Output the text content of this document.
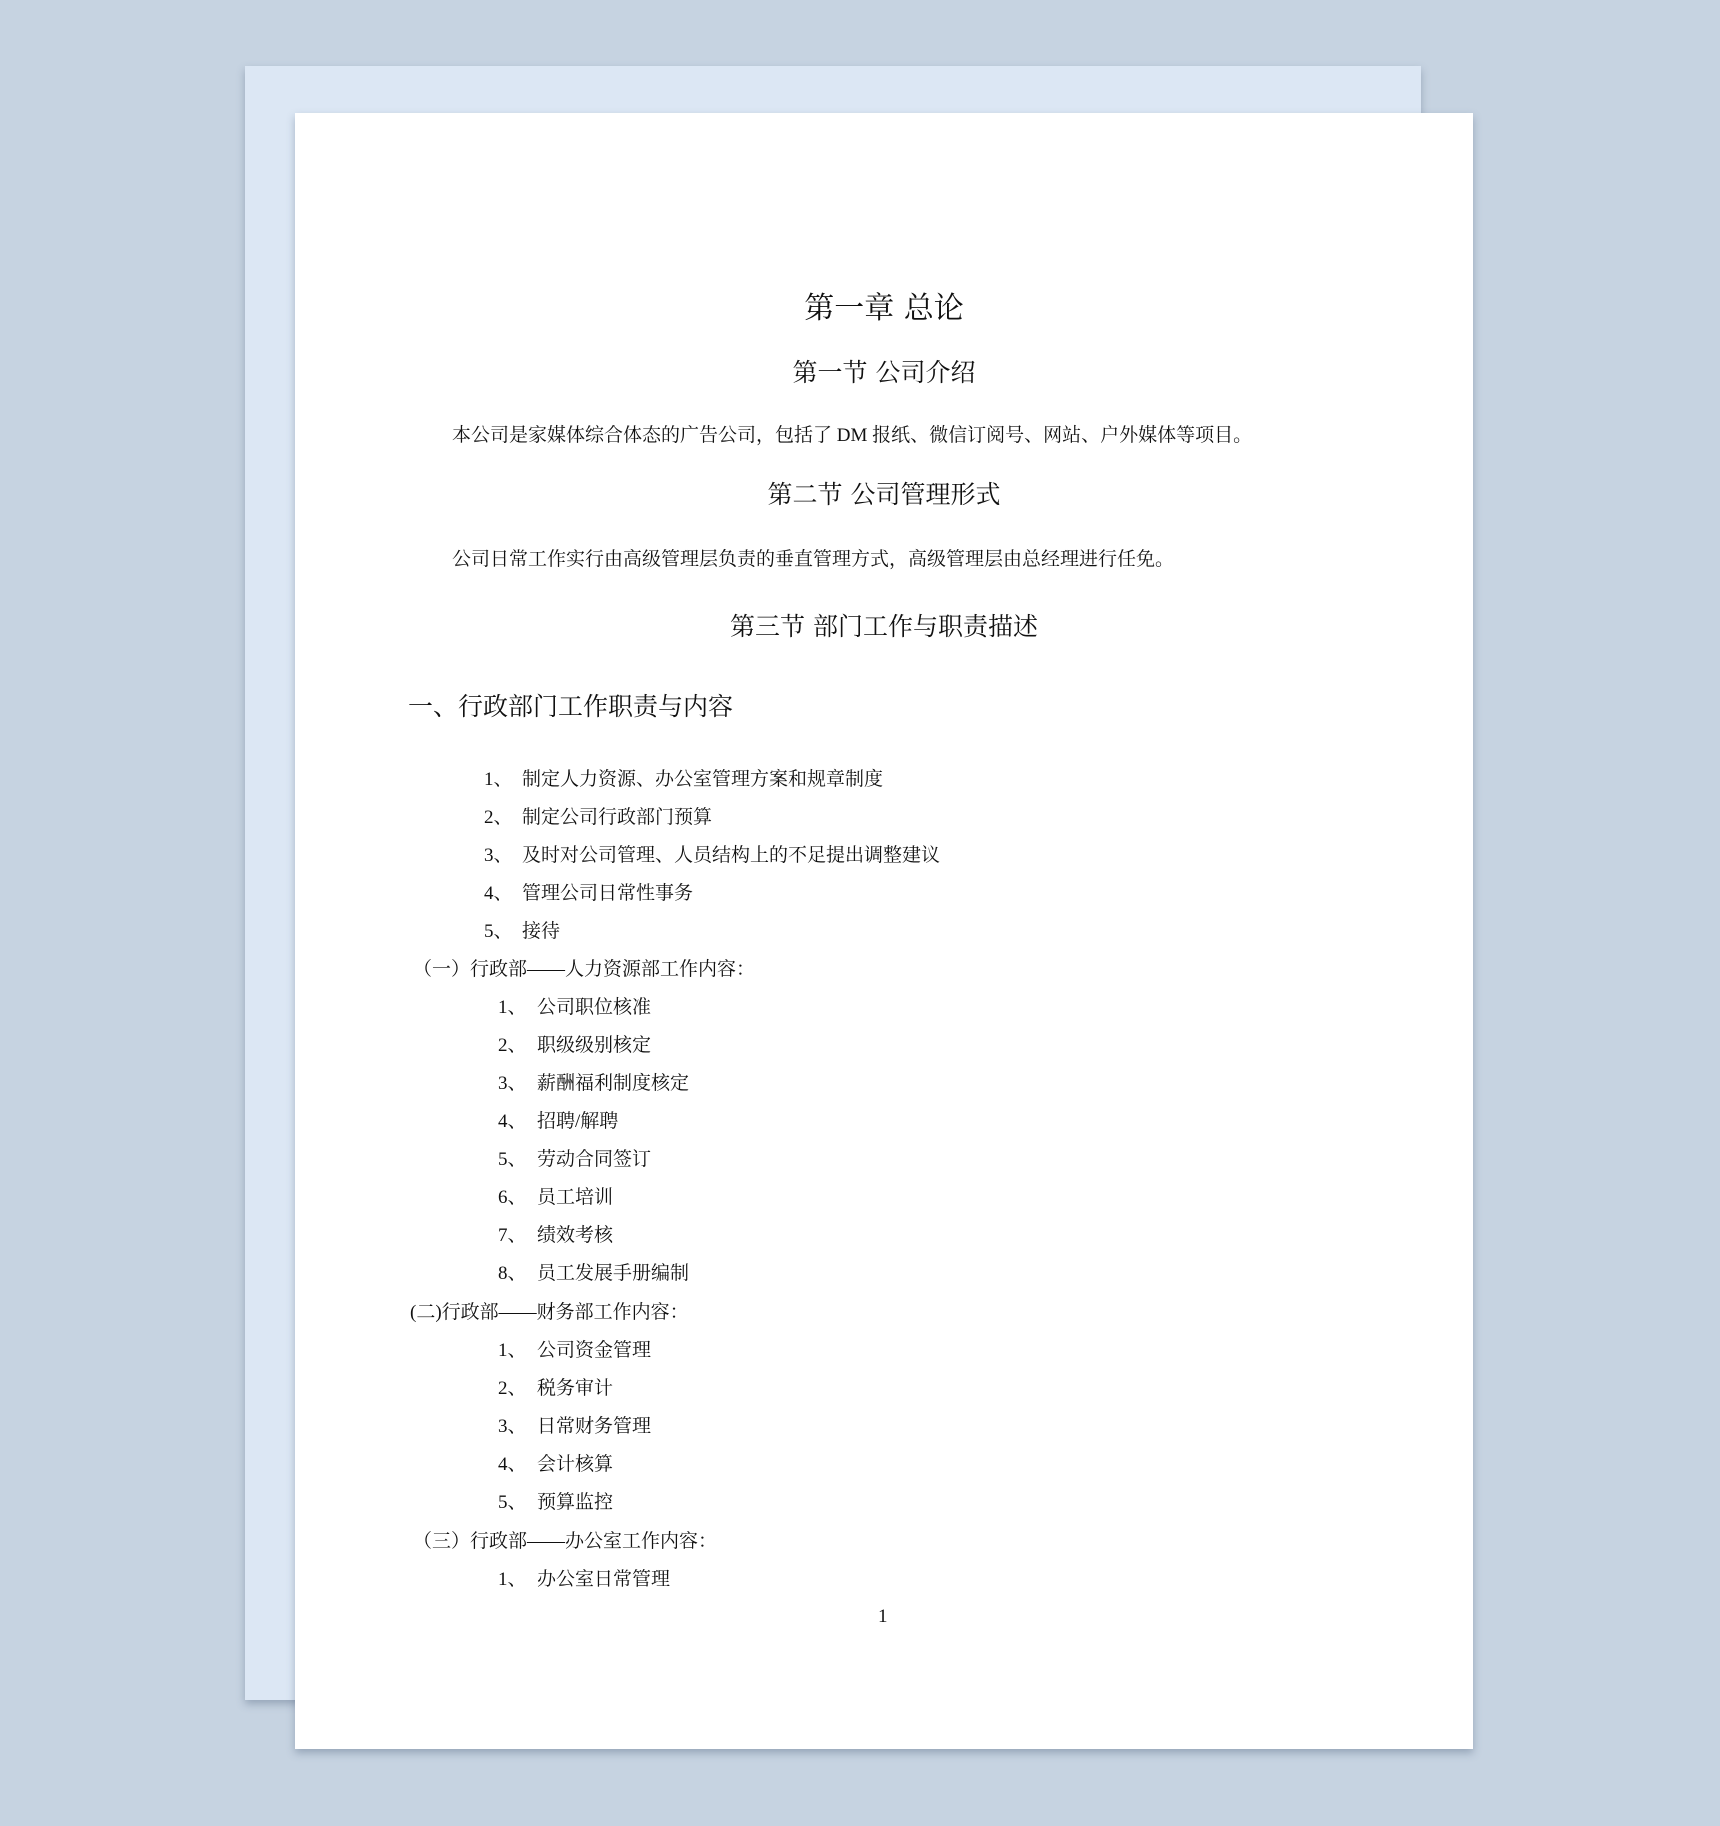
第一章 总论
第一节 公司介绍
本公司是家媒体综合体态的广告公司，包括了 DM 报纸、微信订阅号、网站、户外媒体等项目。
第二节 公司管理形式
公司日常工作实行由高级管理层负责的垂直管理方式，高级管理层由总经理进行任免。
第三节 部门工作与职责描述
一、行政部门工作职责与内容
1、 制定人力资源、办公室管理方案和规章制度
2、 制定公司行政部门预算
3、 及时对公司管理、人员结构上的不足提出调整建议
4、 管理公司日常性事务
5、 接待
（一）行政部——人力资源部工作内容：
1、 公司职位核准
2、 职级级别核定
3、 薪酬福利制度核定
4、 招聘/解聘
5、 劳动合同签订
6、 员工培训
7、 绩效考核
8、 员工发展手册编制
(二)行政部——财务部工作内容：
1、 公司资金管理
2、 税务审计
3、 日常财务管理
4、 会计核算
5、 预算监控
（三）行政部——办公室工作内容：
1、 办公室日常管理
1
